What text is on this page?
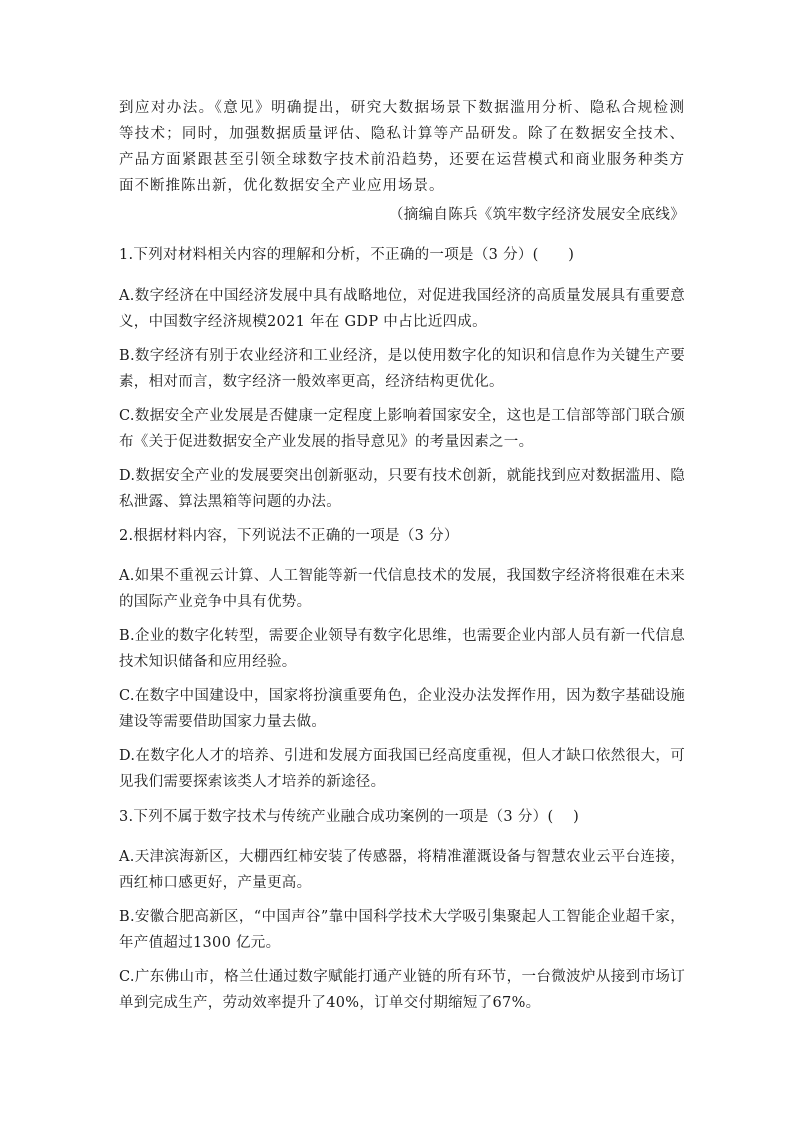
到应对办法。《意见》明确提出，研究大数据场景下数据滥用分析、隐私合规检测等技术；同时，加强数据质量评估、隐私计算等产品研发。除了在数据安全技术、产品方面紧跟甚至引领全球数字技术前沿趋势，还要在运营模式和商业服务种类方面不断推陈出新，优化数据安全产业应用场景。

（摘编自陈兵《筑牢数字经济发展安全底线》

1.下列对材料相关内容的理解和分析，不正确的一项是（3 分）(　　)

A.数字经济在中国经济发展中具有战略地位，对促进我国经济的高质量发展具有重要意义，中国数字经济规模2021 年在 GDP 中占比近四成。

B.数字经济有别于农业经济和工业经济，是以使用数字化的知识和信息作为关键生产要素，相对而言，数字经济一般效率更高，经济结构更优化。

C.数据安全产业发展是否健康一定程度上影响着国家安全，这也是工信部等部门联合颁布《关于促进数据安全产业发展的指导意见》的考量因素之一。

D.数据安全产业的发展要突出创新驱动，只要有技术创新，就能找到应对数据滥用、隐私泄露、算法黑箱等问题的办法。

2.根据材料内容，下列说法不正确的一项是（3 分）

A.如果不重视云计算、人工智能等新一代信息技术的发展，我国数字经济将很难在未来的国际产业竞争中具有优势。

B.企业的数字化转型，需要企业领导有数字化思维，也需要企业内部人员有新一代信息技术知识储备和应用经验。

C.在数字中国建设中，国家将扮演重要角色，企业没办法发挥作用，因为数字基础设施建设等需要借助国家力量去做。

D.在数字化人才的培养、引进和发展方面我国已经高度重视，但人才缺口依然很大，可见我们需要探索该类人才培养的新途径。

3.下列不属于数字技术与传统产业融合成功案例的一项是（3 分）(　 )

A.天津滨海新区，大棚西红柿安装了传感器，将精准灌溉设备与智慧农业云平台连接，西红柿口感更好，产量更高。

B.安徽合肥高新区，“中国声谷”靠中国科学技术大学吸引集聚起人工智能企业超千家，年产值超过1300 亿元。

C.广东佛山市，格兰仕通过数字赋能打通产业链的所有环节，一台微波炉从接到市场订单到完成生产，劳动效率提升了40%，订单交付期缩短了67%。
